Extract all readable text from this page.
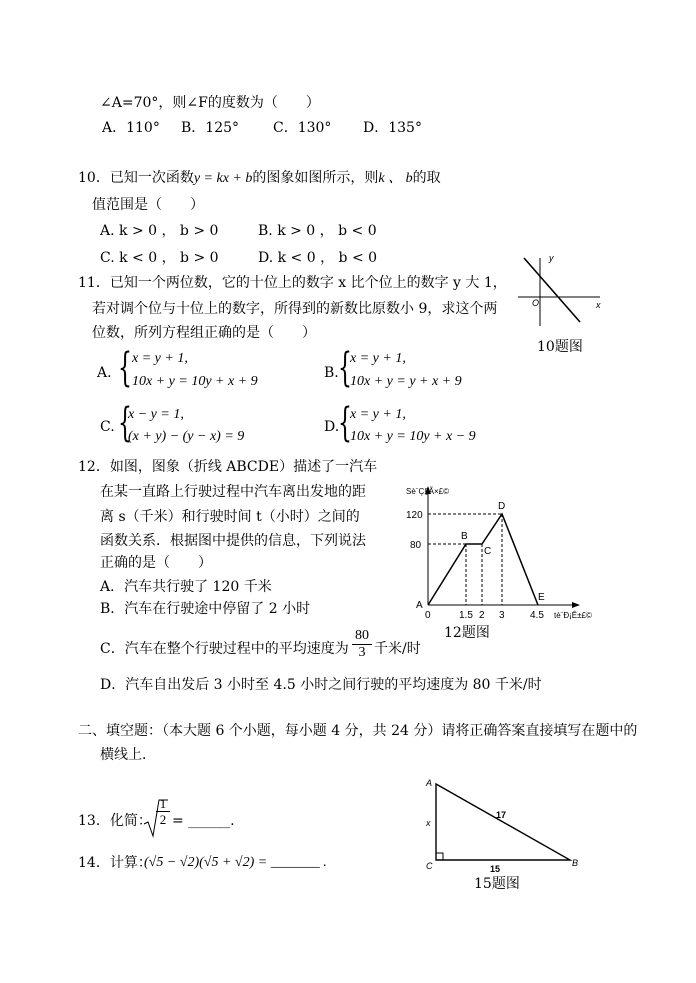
∠A=70°，则∠F的度数为（　　）
A．110° B．125° C．130° D．135°
10．已知一次函数y = kx + b的图象如图所示，则k 、 b的取
值范围是（　　）
A. k > 0 ， b > 0	B. k > 0 ， b < 0
C. k < 0 ， b > 0	D. k < 0 ， b < 0	y
x
O
10题图
11．已知一个两位数，它的十位上的数字 x 比个位上的数字 y 大 1，
若对调个位与十位上的数字，所得到的新数比原数小 9，求这个两
位数，所列方程组正确的是（　　）
A. { x = y + 1,
10x + y = 10y + x + 9
B. {
x = y + 1,
10x + y = y + x + 9
C. {
x − y = 1,
(x + y) − (y − x) = 9
D.
{
x = y + 1,
10x + y = 10y + x − 9
12．如图，图象（折线 ABCDE）描述了一汽车
在某一直路上行驶过程中汽车离出发地的距
离 s（千米）和行驶时间 t（小时）之间的
函数关系．根据图中提供的信息，下列说法
正确的是（　　）
A．汽车共行驶了 120 千米
B．汽车在行驶途中停留了 2 小时
C．汽车在整个行驶过程中的平均速度为 $\frac{80}{3}$ 千米/时
D．汽车自出发后 3 小时至 4.5 小时之间行驶的平均速度为 80 千米/时
Sè¨Ç§Ã×£©
tè¨Ð¡Ê±£©
A
B
C
D
E
120
80
0	1.5 2 3	4.5
12题图
二、填空题：（本大题 6 个小题，每小题 4 分，共 24 分）请将正确答案直接填写在题中的
横线上．
13．化简： $\frac{1}{2}$ = ______.
14．计算：
(√5 − √2)(√5 + √2) = _______ .
A
B
C
17
15
x
15题图
